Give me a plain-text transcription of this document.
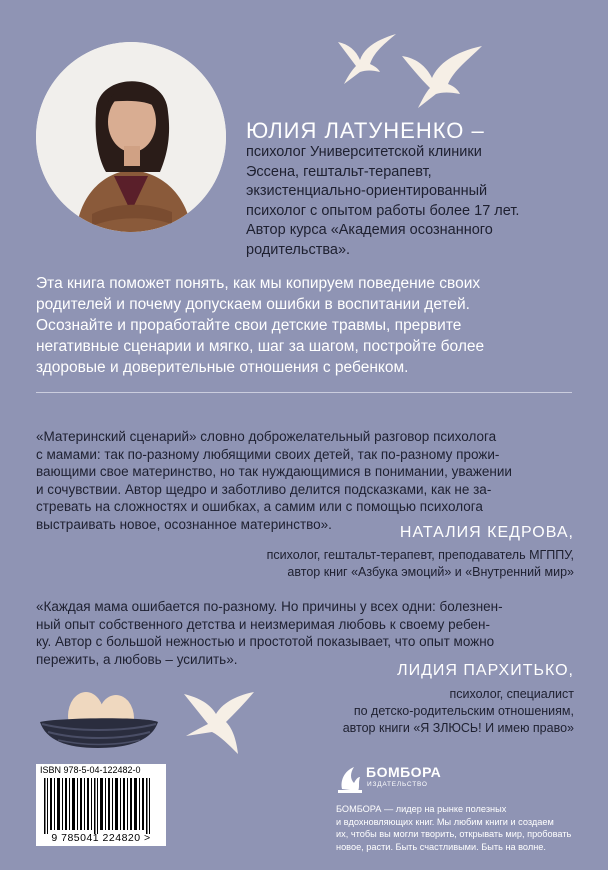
ЮЛИЯ ЛАТУНЕНКО –
психолог Университетской клиники
Эссена, гештальт-терапевт,
экзистенциально-ориентированный
психолог с опытом работы более 17 лет.
Автор курса «Академия осознанного
родительства».
Эта книга поможет понять, как мы копируем поведение своих
родителей и почему допускаем ошибки в воспитании детей.
Осознайте и проработайте свои детские травмы, прервите
негативные сценарии и мягко, шаг за шагом, постройте более
здоровые и доверительные отношения с ребенком.
«Материнский сценарий» словно доброжелательный разговор психолога
с мамами: так по-разному любящими своих детей, так по-разному прожи-
вающими свое материнство, но так нуждающимися в понимании, уважении
и сочувствии. Автор щедро и заботливо делится подсказками, как не за-
стревать на сложностях и ошибках, а самим или с помощью психолога
выстраивать новое, осознанное материнство».	НАТАЛИЯ КЕДРОВА,
психолог, гештальт-терапевт, преподаватель МГППУ,
автор книг «Азбука эмоций» и «Внутренний мир»
«Каждая мама ошибается по-разному. Но причины у всех одни: болезнен-
ный опыт собственного детства и неизмеримая любовь к своему ребен-
ку. Автор с большой нежностью и простотой показывает, что опыт можно
пережить, а любовь – усилить».
ЛИДИЯ ПАРХИТЬКО,
психолог, специалист
по детско-родительским отношениям,
автор книги «Я ЗЛЮСЬ! И имею право»
ISBN 978-5-04-122482-0
9 785041 224820 >
БОМБОРА
ИЗДАТЕЛЬСТВО
БОМБОРА — лидер на рынке полезных
и вдохновляющих книг. Мы любим книги и создаем
их, чтобы вы могли творить, открывать мир, пробовать
новое, расти. Быть счастливыми. Быть на волне.
